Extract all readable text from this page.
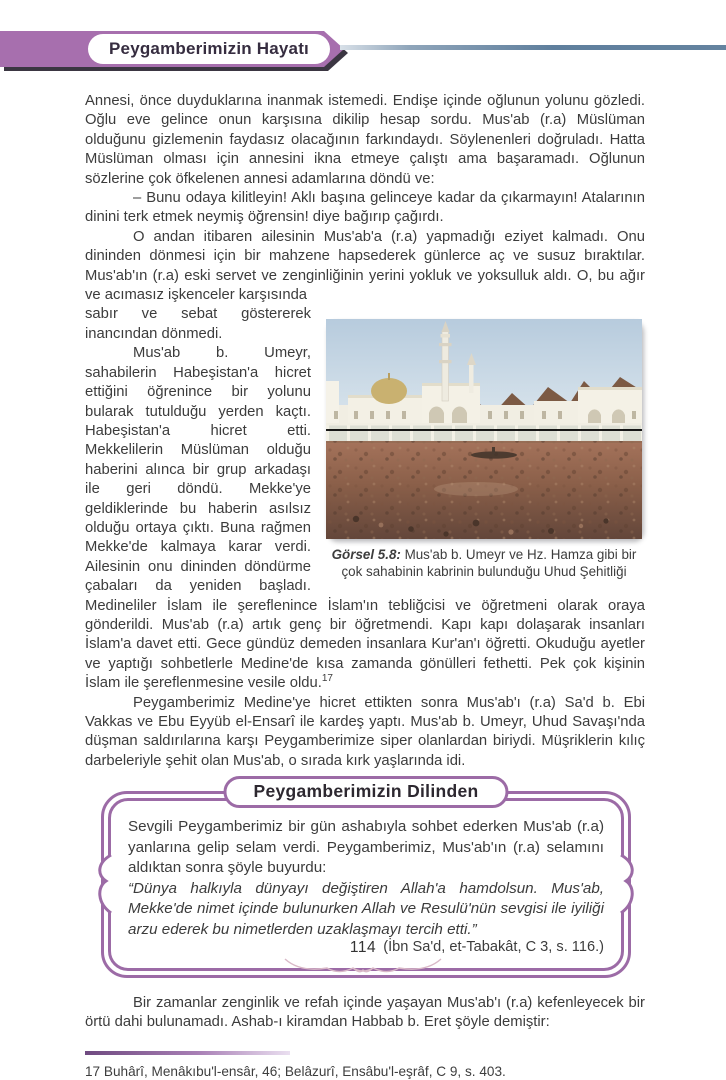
Peygamberimizin Hayatı

Annesi, önce duyduklarına inanmak istemedi. Endişe içinde oğlunun yolunu gözledi. Oğlu eve gelince onun karşısına dikilip hesap sordu. Mus'ab (r.a) Müslüman olduğunu gizlemenin faydasız olacağının farkındaydı. Söylenenleri doğruladı. Hatta Müslüman olması için annesini ikna etmeye çalıştı ama başaramadı. Oğlunun sözlerine çok öfkelenen annesi adamlarına döndü ve:

– Bunu odaya kilitleyin! Aklı başına gelinceye kadar da çıkarmayın! Atalarının dinini terk etmek neymiş öğrensin! diye bağırıp çağırdı.

O andan itibaren ailesinin Mus'ab'a (r.a) yapmadığı eziyet kalmadı. Onu dininden dönmesi için bir mahzene hapsederek günlerce aç ve susuz bıraktılar. Mus'ab'ın (r.a) eski servet ve zenginliğinin yerini yokluk ve yoksulluk aldı. O, bu ağır ve acımasız işkenceler karşısında

Görsel 5.8: Mus'ab b. Umeyr ve Hz. Hamza gibi bir çok sahabinin kabrinin bulunduğu Uhud Şehitliği

sabır ve sebat göstererek inancından dönmedi.

Mus'ab b. Umeyr, sahabilerin Habeşistan'a hicret ettiğini öğrenince bir yolunu bularak tutulduğu yerden kaçtı. Habeşistan'a hicret etti. Mekkelilerin Müslüman olduğu haberini alınca bir grup arkadaşı ile geri döndü. Mekke'ye geldiklerinde bu haberin asılsız olduğu ortaya çıktı. Buna rağmen Mekke'de kalmaya karar verdi. Ailesinin onu dininden döndürme çabaları da yeniden başladı. Medineliler İslam ile şereflenince İslam'ın tebliğcisi ve öğretmeni olarak oraya gönderildi. Mus'ab (r.a) artık genç bir öğretmendi. Kapı kapı dolaşarak insanları İslam'a davet etti. Gece gündüz demeden insanlara Kur'an'ı öğretti. Okuduğu ayetler ve yaptığı sohbetlerle Medine'de kısa zamanda gönülleri fethetti. Pek çok kişinin İslam ile şereflenmesine vesile oldu.$^{17}$

Peygamberimiz Medine'ye hicret ettikten sonra Mus'ab'ı (r.a) Sa'd b. Ebi Vakkas ve Ebu Eyyüb el-Ensarî ile kardeş yaptı. Mus'ab b. Umeyr, Uhud Savaşı'nda düşman saldırılarına karşı Peygamberimize siper olanlardan biriydi. Müşriklerin kılıç darbeleriyle şehit olan Mus'ab, o sırada kırk yaşlarında idi.

Peygamberimizin Dilinden

Sevgili Peygamberimiz bir gün ashabıyla sohbet ederken Mus'ab (r.a) yanlarına gelip selam verdi. Peygamberimiz, Mus'ab'ın (r.a) selamını aldıktan sonra şöyle buyurdu:

“Dünya halkıyla dünyayı değiştiren Allah'a hamdolsun. Mus'ab, Mekke'de nimet içinde bulunurken Allah ve Resulü'nün sevgisi ile iyiliği arzu ederek bu nimetlerden uzaklaşmayı tercih etti.”
(İbn Sa'd, et-Tabakât, C 3, s. 116.)

Bir zamanlar zenginlik ve refah içinde yaşayan Mus'ab'ı (r.a) kefenleyecek bir örtü dahi bulunamadı. Ashab-ı kiramdan Habbab b. Eret şöyle demiştir:

17 Buhârî, Menâkıbu'l-ensâr, 46; Belâzurî, Ensâbu'l-eşrâf, C 9, s. 403.

114
